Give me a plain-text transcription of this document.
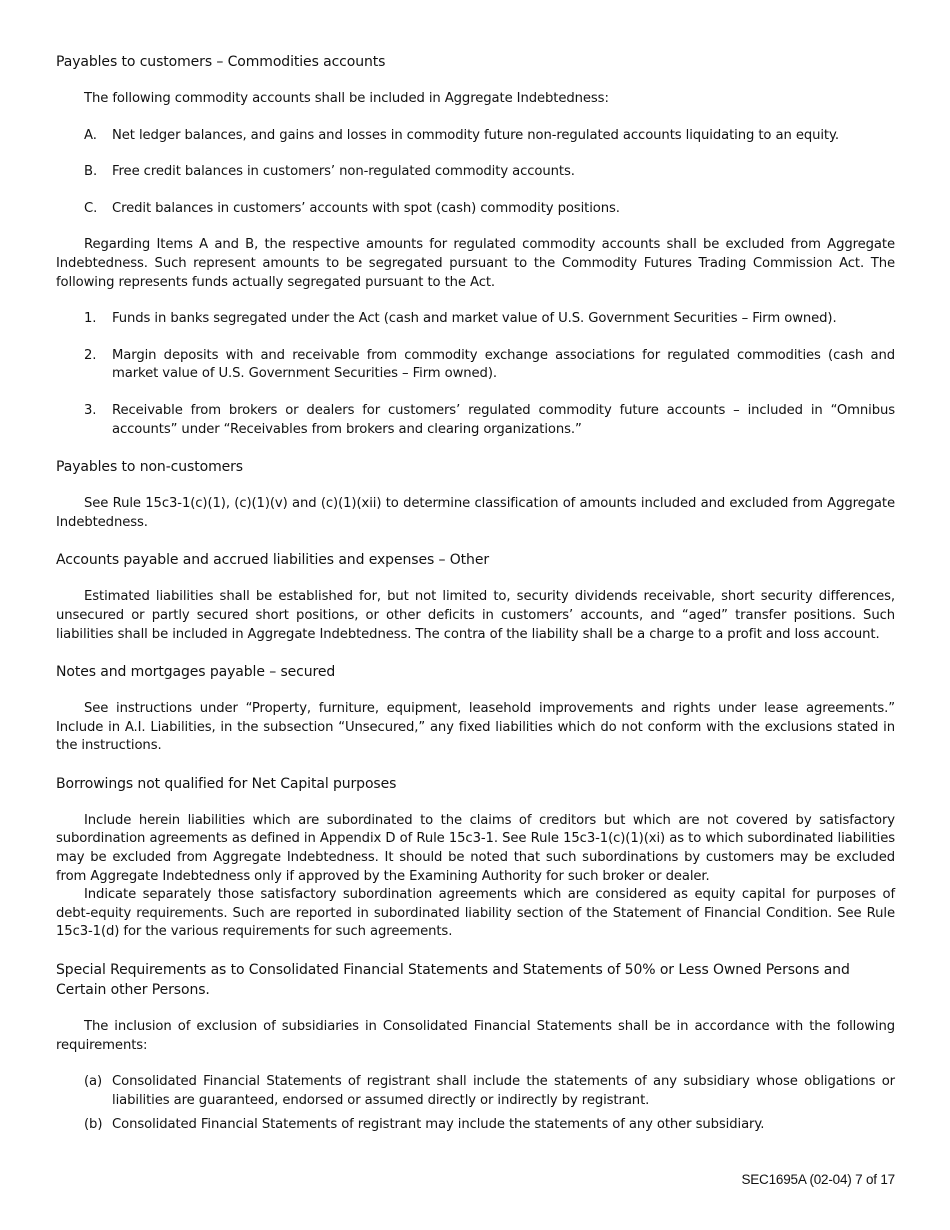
Payables to customers – Commodities accounts
The following commodity accounts shall be included in Aggregate Indebtedness:
A.	Net ledger balances, and gains and losses in commodity future non-regulated accounts liquidating to an equity.
B.	Free credit balances in customers’ non-regulated commodity accounts.
C.	Credit balances in customers’ accounts with spot (cash) commodity positions.
Regarding Items A and B, the respective amounts for regulated commodity accounts shall be excluded from Aggregate Indebtedness. Such represent amounts to be segregated pursuant to the Commodity Futures Trading Commission Act. The following represents funds actually segregated pursuant to the Act.
1.	Funds in banks segregated under the Act (cash and market value of U.S. Government Securities – Firm owned).
2.	Margin deposits with and receivable from commodity exchange associations for regulated commodities (cash and market value of U.S. Government Securities – Firm owned).
3.	Receivable from brokers or dealers for customers’ regulated commodity future accounts – included in “Omnibus accounts” under “Receivables from brokers and clearing organizations.”
Payables to non-customers
See Rule 15c3-1(c)(1), (c)(1)(v) and (c)(1)(xii) to determine classification of amounts included and excluded from Aggregate Indebtedness.
Accounts payable and accrued liabilities and expenses – Other
Estimated liabilities shall be established for, but not limited to, security dividends receivable, short security differences, unsecured or partly secured short positions, or other deficits in customers’ accounts, and “aged” transfer positions. Such liabilities shall be included in Aggregate Indebtedness. The contra of the liability shall be a charge to a profit and loss account.
Notes and mortgages payable – secured
See instructions under “Property, furniture, equipment, leasehold improvements and rights under lease agreements.” Include in A.I. Liabilities, in the subsection “Unsecured,” any fixed liabilities which do not conform with the exclusions stated in the instructions.
Borrowings not qualified for Net Capital purposes
Include herein liabilities which are subordinated to the claims of creditors but which are not covered by satisfactory subordination agreements as defined in Appendix D of Rule 15c3-1. See Rule 15c3-1(c)(1)(xi) as to which subordinated liabilities may be excluded from Aggregate Indebtedness. It should be noted that such subordinations by customers may be excluded from Aggregate Indebtedness only if approved by the Examining Authority for such broker or dealer.
Indicate separately those satisfactory subordination agreements which are considered as equity capital for purposes of debt-equity requirements. Such are reported in subordinated liability section of the Statement of Financial Condition. See Rule 15c3-1(d) for the various requirements for such agreements.
Special Requirements as to Consolidated Financial Statements and Statements of 50% or Less Owned Persons and Certain other Persons.
The inclusion of exclusion of subsidiaries in Consolidated Financial Statements shall be in accordance with the following requirements:
(a) Consolidated Financial Statements of registrant shall include the statements of any subsidiary whose obligations or liabilities are guaranteed, endorsed or assumed directly or indirectly by registrant.
(b) Consolidated Financial Statements of registrant may include the statements of any other subsidiary.
SEC1695A (02-04) 7 of 17
